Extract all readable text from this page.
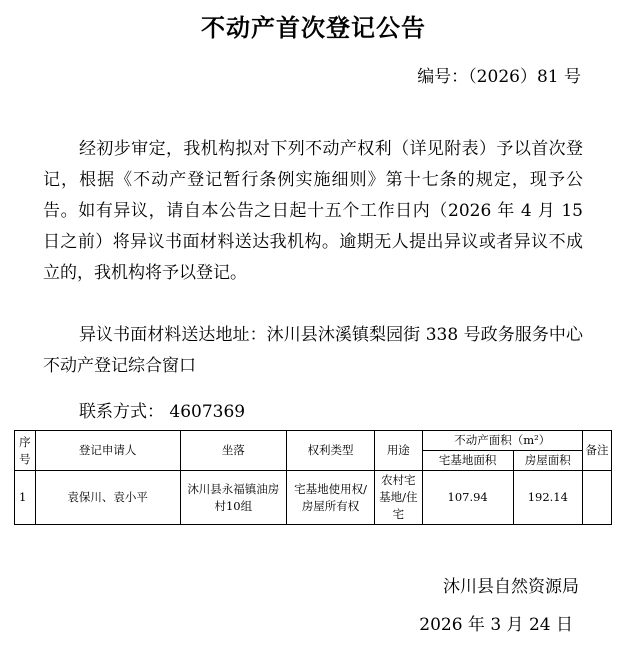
不动产首次登记公告
编号：（2026）81 号

经初步审定，我机构拟对下列不动产权利（详见附表）予以首次登记，根据《不动产登记暂行条例实施细则》第十七条的规定，现予公告。如有异议，请自本公告之日起十五个工作日内（2026 年 4 月 15 日之前）将异议书面材料送达我机构。逾期无人提出异议或者异议不成立的，我机构将予以登记。

异议书面材料送达地址：沐川县沐溪镇梨园街 338 号政务服务中心不动产登记综合窗口

联系方式： 4607369

序号	登记申请人	坐落	权利类型	用途	不动产面积（m²）		备注
					宅基地面积	房屋面积	
1	袁保川、袁小平	沐川县永福镇油房村10组	宅基地使用权/房屋所有权	农村宅基地/住宅	107.94	192.14	
沐川县自然资源局
2026 年 3 月 24 日
